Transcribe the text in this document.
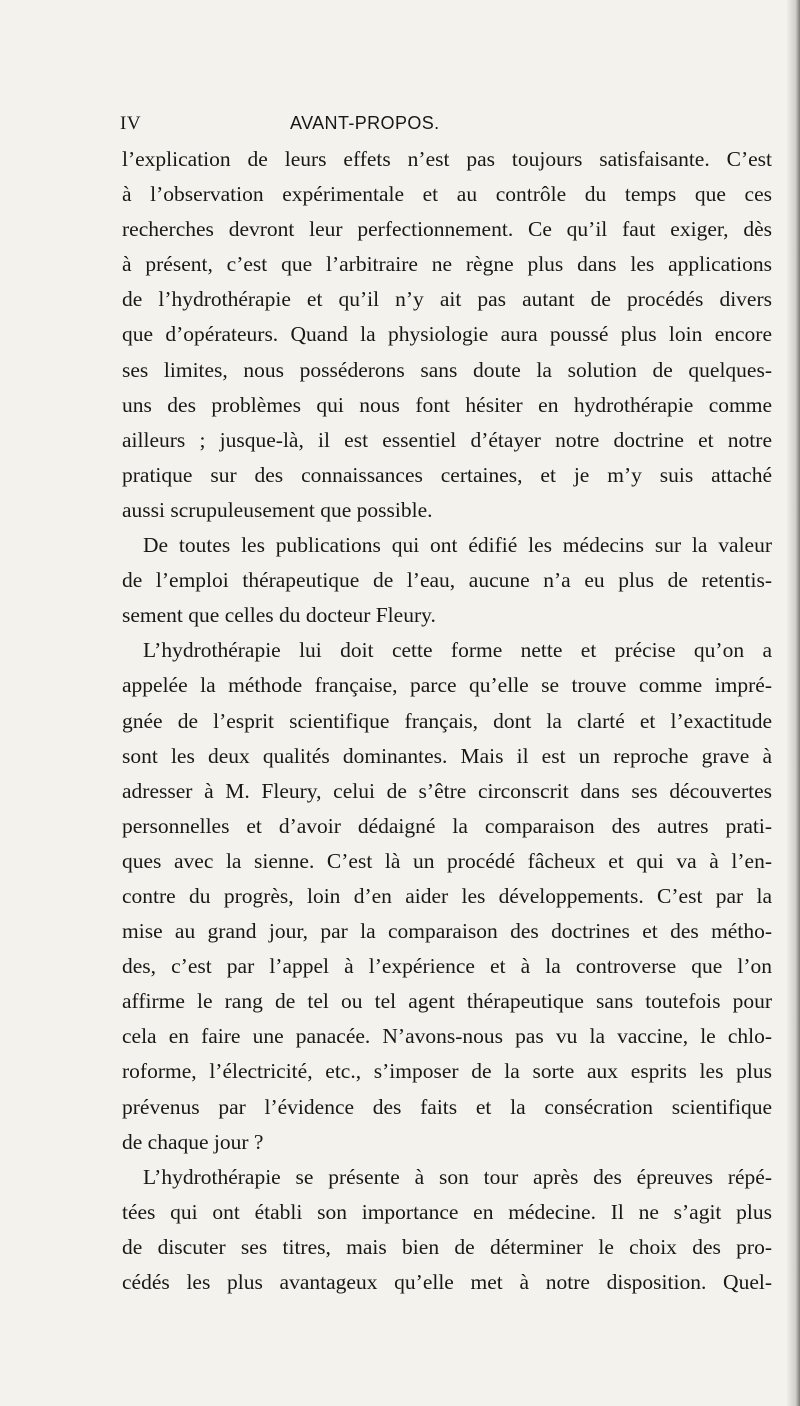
IV	AVANT-PROPOS.
l’explication de leurs effets n’est pas toujours satisfaisante. C’est
à l’observation expérimentale et au contrôle du temps que ces
recherches devront leur perfectionnement. Ce qu’il faut exiger, dès
à présent, c’est que l’arbitraire ne règne plus dans les applications
de l’hydrothérapie et qu’il n’y ait pas autant de procédés divers
que d’opérateurs. Quand la physiologie aura poussé plus loin encore
ses limites, nous posséderons sans doute la solution de quelques-
uns des problèmes qui nous font hésiter en hydrothérapie comme
ailleurs ; jusque-là, il est essentiel d’étayer notre doctrine et notre
pratique sur des connaissances certaines, et je m’y suis attaché
aussi scrupuleusement que possible.
De toutes les publications qui ont édifié les médecins sur la valeur
de l’emploi thérapeutique de l’eau, aucune n’a eu plus de retentis-
sement que celles du docteur Fleury.
L’hydrothérapie lui doit cette forme nette et précise qu’on a
appelée la méthode française, parce qu’elle se trouve comme impré-
gnée de l’esprit scientifique français, dont la clarté et l’exactitude
sont les deux qualités dominantes. Mais il est un reproche grave à
adresser à M. Fleury, celui de s’être circonscrit dans ses découvertes
personnelles et d’avoir dédaigné la comparaison des autres prati-
ques avec la sienne. C’est là un procédé fâcheux et qui va à l’en-
contre du progrès, loin d’en aider les développements. C’est par la
mise au grand jour, par la comparaison des doctrines et des métho-
des, c’est par l’appel à l’expérience et à la controverse que l’on
affirme le rang de tel ou tel agent thérapeutique sans toutefois pour
cela en faire une panacée. N’avons-nous pas vu la vaccine, le chlo-
roforme, l’électricité, etc., s’imposer de la sorte aux esprits les plus
prévenus par l’évidence des faits et la consécration scientifique
de chaque jour ?
L’hydrothérapie se présente à son tour après des épreuves répé-
tées qui ont établi son importance en médecine. Il ne s’agit plus
de discuter ses titres, mais bien de déterminer le choix des pro-
cédés les plus avantageux qu’elle met à notre disposition. Quel-
